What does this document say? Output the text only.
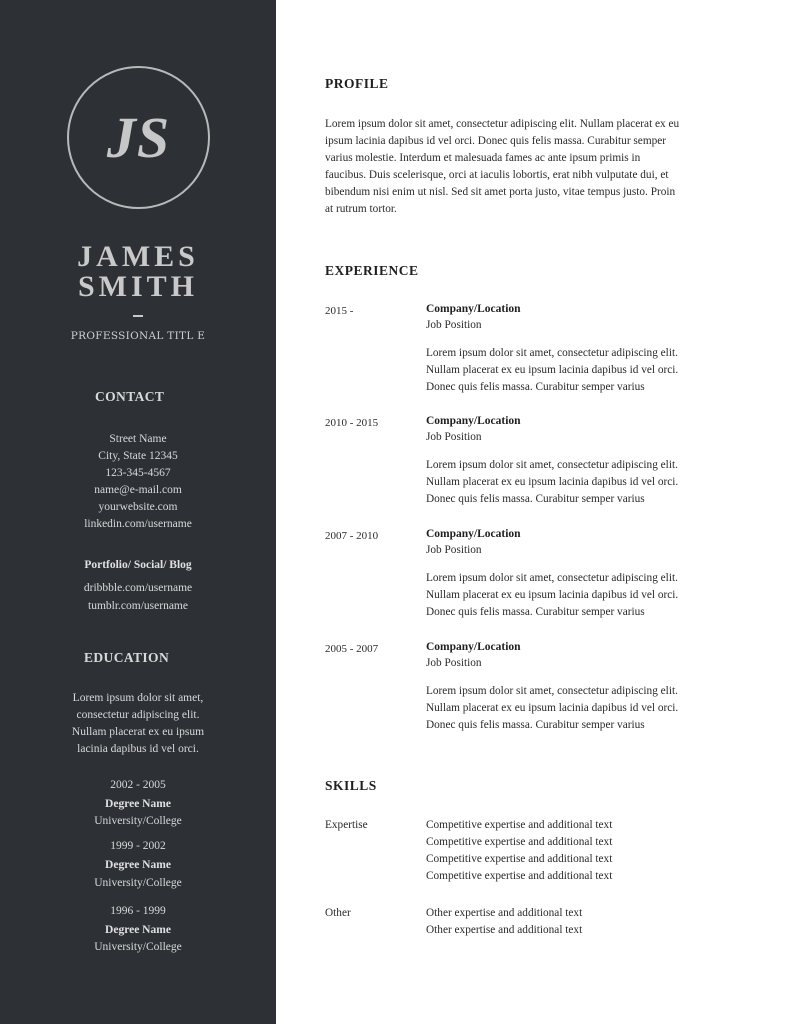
JS
JAMES
SMITH
PROFESSIONAL TITL E
CONTACT
Street Name
City, State 12345
123-345-4567
name@e-mail.com
yourwebsite.com
linkedin.com/username
Portfolio/ Social/ Blog
dribbble.com/username
tumblr.com/username
EDUCATION
Lorem ipsum dolor sit amet,
consectetur adipiscing elit.
Nullam placerat ex eu ipsum
lacinia dapibus id vel orci.
2002 - 2005
Degree Name
University/College
1999 - 2002
Degree Name
University/College
1996 - 1999
Degree Name
University/College
PROFILE
Lorem ipsum dolor sit amet, consectetur adipiscing elit. Nullam placerat ex eu
ipsum lacinia dapibus id vel orci. Donec quis felis massa. Curabitur semper
varius molestie. Interdum et malesuada fames ac ante ipsum primis in
faucibus. Duis scelerisque, orci at iaculis lobortis, erat nibh vulputate dui, et
bibendum nisi enim ut nisl. Sed sit amet porta justo, vitae tempus justo. Proin
at rutrum tortor.
EXPERIENCE
2015 -	Company/Location
Job Position
Lorem ipsum dolor sit amet, consectetur adipiscing elit.
Nullam placerat ex eu ipsum lacinia dapibus id vel orci.
Donec quis felis massa. Curabitur semper varius
2010 - 2015	Company/Location
Job Position
Lorem ipsum dolor sit amet, consectetur adipiscing elit.
Nullam placerat ex eu ipsum lacinia dapibus id vel orci.
Donec quis felis massa. Curabitur semper varius
2007 - 2010	Company/Location
Job Position
Lorem ipsum dolor sit amet, consectetur adipiscing elit.
Nullam placerat ex eu ipsum lacinia dapibus id vel orci.
Donec quis felis massa. Curabitur semper varius
2005 - 2007	Company/Location
Job Position
Lorem ipsum dolor sit amet, consectetur adipiscing elit.
Nullam placerat ex eu ipsum lacinia dapibus id vel orci.
Donec quis felis massa. Curabitur semper varius
SKILLS
Expertise	Competitive expertise and additional text
Competitive expertise and additional text
Competitive expertise and additional text
Competitive expertise and additional text
Other	Other expertise and additional text
Other expertise and additional text
